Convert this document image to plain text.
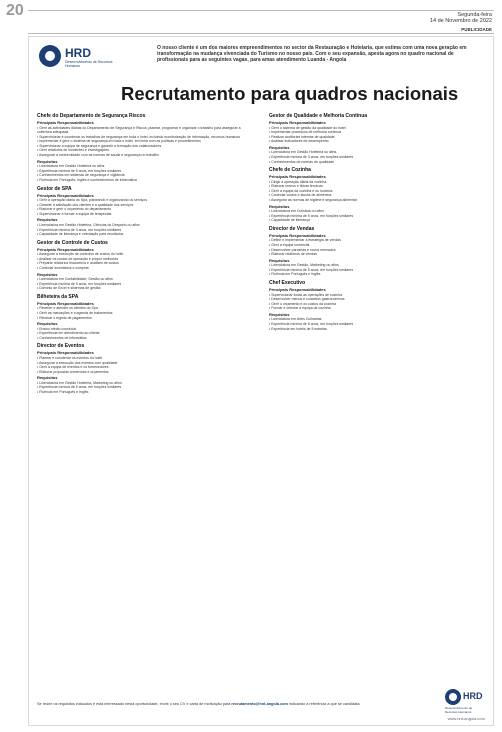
20	Segunda-feira
14 de Novembro de 2022
PUBLICIDADE
HRD
Desenvolvimento de Recursos Humanos
O nosso cliente é um dos maiores empreendimentos no sector da Restauração e Hotelaria, que estima com uma nova geração em transformação na mudança vivenciada do Turismo no nosso país. Com o seu expansão, apesta agora no quadro nacional de profissionais para as seguintes vagas, para amas atendimento Luanda - Angola
Recrutamento para quadros nacionais
Chefe do Departamento de Segurança Riscos
Principais Responsabilidades
• Gerir as actividades diárias do Departamento de Segurança e Riscos, planear, programar e organizar o trabalho para assegurar a cobertura adequada
• Supervisionar e coordenar os trabalhos de segurança em toda o hotel, incluindo monitorização de informação, recursos humanos
• Implementar e gerir o sistema de segurança em toda o hotel, em linha com as políticas e procedimentos
• Supervisionar a equipa de segurança e garantir a formação dos colaboradores
• Gerir relatórios de incidentes e investigações
• Assegurar a conformidade com as normas de saúde e segurança no trabalho
Requisitos
• Licenciatura em Gestão Hoteleira ou afins
• Experiência mínima de 5 anos, em funções similares
• Conhecimentos em sistemas de segurança e vigilância
• Fluência em Português, Inglês e conhecimentos de informática
Gestor de SPA
Principais Responsabilidades
• Gerir a operação diária do Spa, planeando e organizando os serviços
• Garantir a satisfação dos clientes e a qualidade dos serviços
• Elaborar e gerir o orçamento do departamento
• Supervisionar e formar a equipa de terapeutas
Requisitos
• Licenciatura em Gestão Hoteleira, Ciências do Desporto ou afins
• Experiência mínima de 3 anos, em funções similares
• Capacidade de liderança e orientação para resultados
Gestor de Controle de Custos
Principais Responsabilidades
• Assegurar a execução de controlos de custos do hotel
• Analisar os custos de operação e propor melhorias
• Preparar relatórios financeiros e análises de custos
• Controlar inventários e compras
Requisitos
• Licenciatura em Contabilidade, Gestão ou afins
• Experiência mínima de 5 anos, em funções similares
• Domínio de Excel e sistemas de gestão
Bilheteira da SPA
Principais Responsabilidades
• Receber e atender os clientes do Spa
• Gerir as marcações e a agenda de tratamentos
• Efectuar o registo de pagamentos
Requisitos
• Ensino médio concluído
• Experiência em atendimento ao cliente
• Conhecimentos de informática
Director de Eventos
Principais Responsabilidades
• Planear e coordenar os eventos do hotel
• Assegurar a execução dos eventos com qualidade
• Gerir a equipa de eventos e os fornecedores
• Elaborar propostas comerciais e orçamentos
Requisitos
• Licenciatura em Gestão Hoteleira, Marketing ou afins
• Experiência mínima de 5 anos, em funções similares
• Fluência em Português e Inglês
Gestor de Qualidade e Melhoria Contínua
Principais Responsabilidades
• Gerir o sistema de gestão da qualidade do hotel
• Implementar processos de melhoria contínua
• Realizar auditorias internas de qualidade
• Analisar indicadores de desempenho
Requisitos
• Licenciatura em Gestão Hoteleira ou afins
• Experiência mínima de 3 anos, em funções similares
• Conhecimentos de normas de qualidade
Chefe de Cozinha
Principais Responsabilidades
• Dirigir a operação diária da cozinha
• Elaborar menus e fichas técnicas
• Gerir a equipa da cozinha e os horários
• Controlar custos e stocks de alimentos
• Assegurar as normas de higiene e segurança alimentar
Requisitos
• Licenciatura em Culinária ou afins
• Experiência mínima de 5 anos, em funções similares
• Capacidade de liderança
Director de Vendas
Principais Responsabilidades
• Definir e implementar a estratégia de vendas
• Gerir a equipa comercial
• Desenvolver parcerias e novos mercados
• Elaborar relatórios de vendas
Requisitos
• Licenciatura em Gestão, Marketing ou afins
• Experiência mínima de 5 anos, em funções similares
• Fluência em Português e Inglês
Chef Executivo
Principais Responsabilidades
• Supervisionar todas as operações de cozinha
• Desenvolver menus e conceitos gastronómicos
• Gerir o orçamento e os custos da cozinha
• Formar e orientar a equipa de cozinha
Requisitos
• Licenciatura em Artes Culinárias
• Experiência mínima de 8 anos, em funções similares
• Experiência em hotéis de 5 estrelas
Se reúne os requisitos indicados e está interessado nesta oportunidade, envie o seu CV e carta de motivação para recrutamento@hrd-angola.com indicando a referência a que se candidata.
HRD
Desenvolvimento de Recursos Humanos
www.hrd-angola.com
